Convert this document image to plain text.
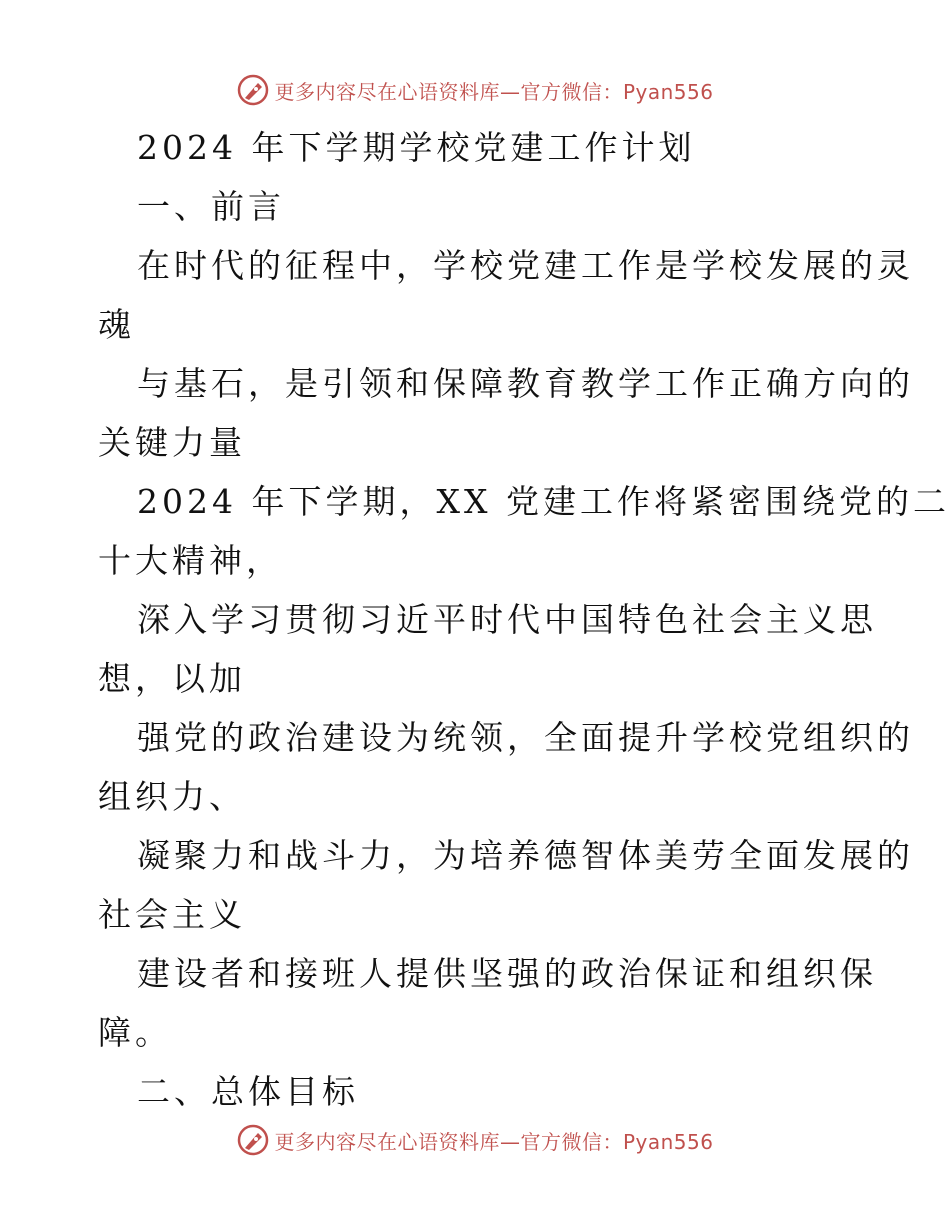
更多内容尽在心语资料库—官方微信：Pyan556
2024 年下学期学校党建工作计划
一、前言
在时代的征程中，学校党建工作是学校发展的灵
魂
与基石，是引领和保障教育教学工作正确方向的
关键力量
2024 年下学期，XX 党建工作将紧密围绕党的二
十大精神，
深入学习贯彻习近平时代中国特色社会主义思
想，以加
强党的政治建设为统领，全面提升学校党组织的
组织力、
凝聚力和战斗力，为培养德智体美劳全面发展的
社会主义
建设者和接班人提供坚强的政治保证和组织保
障。
二、总体目标
更多内容尽在心语资料库—官方微信：Pyan556
